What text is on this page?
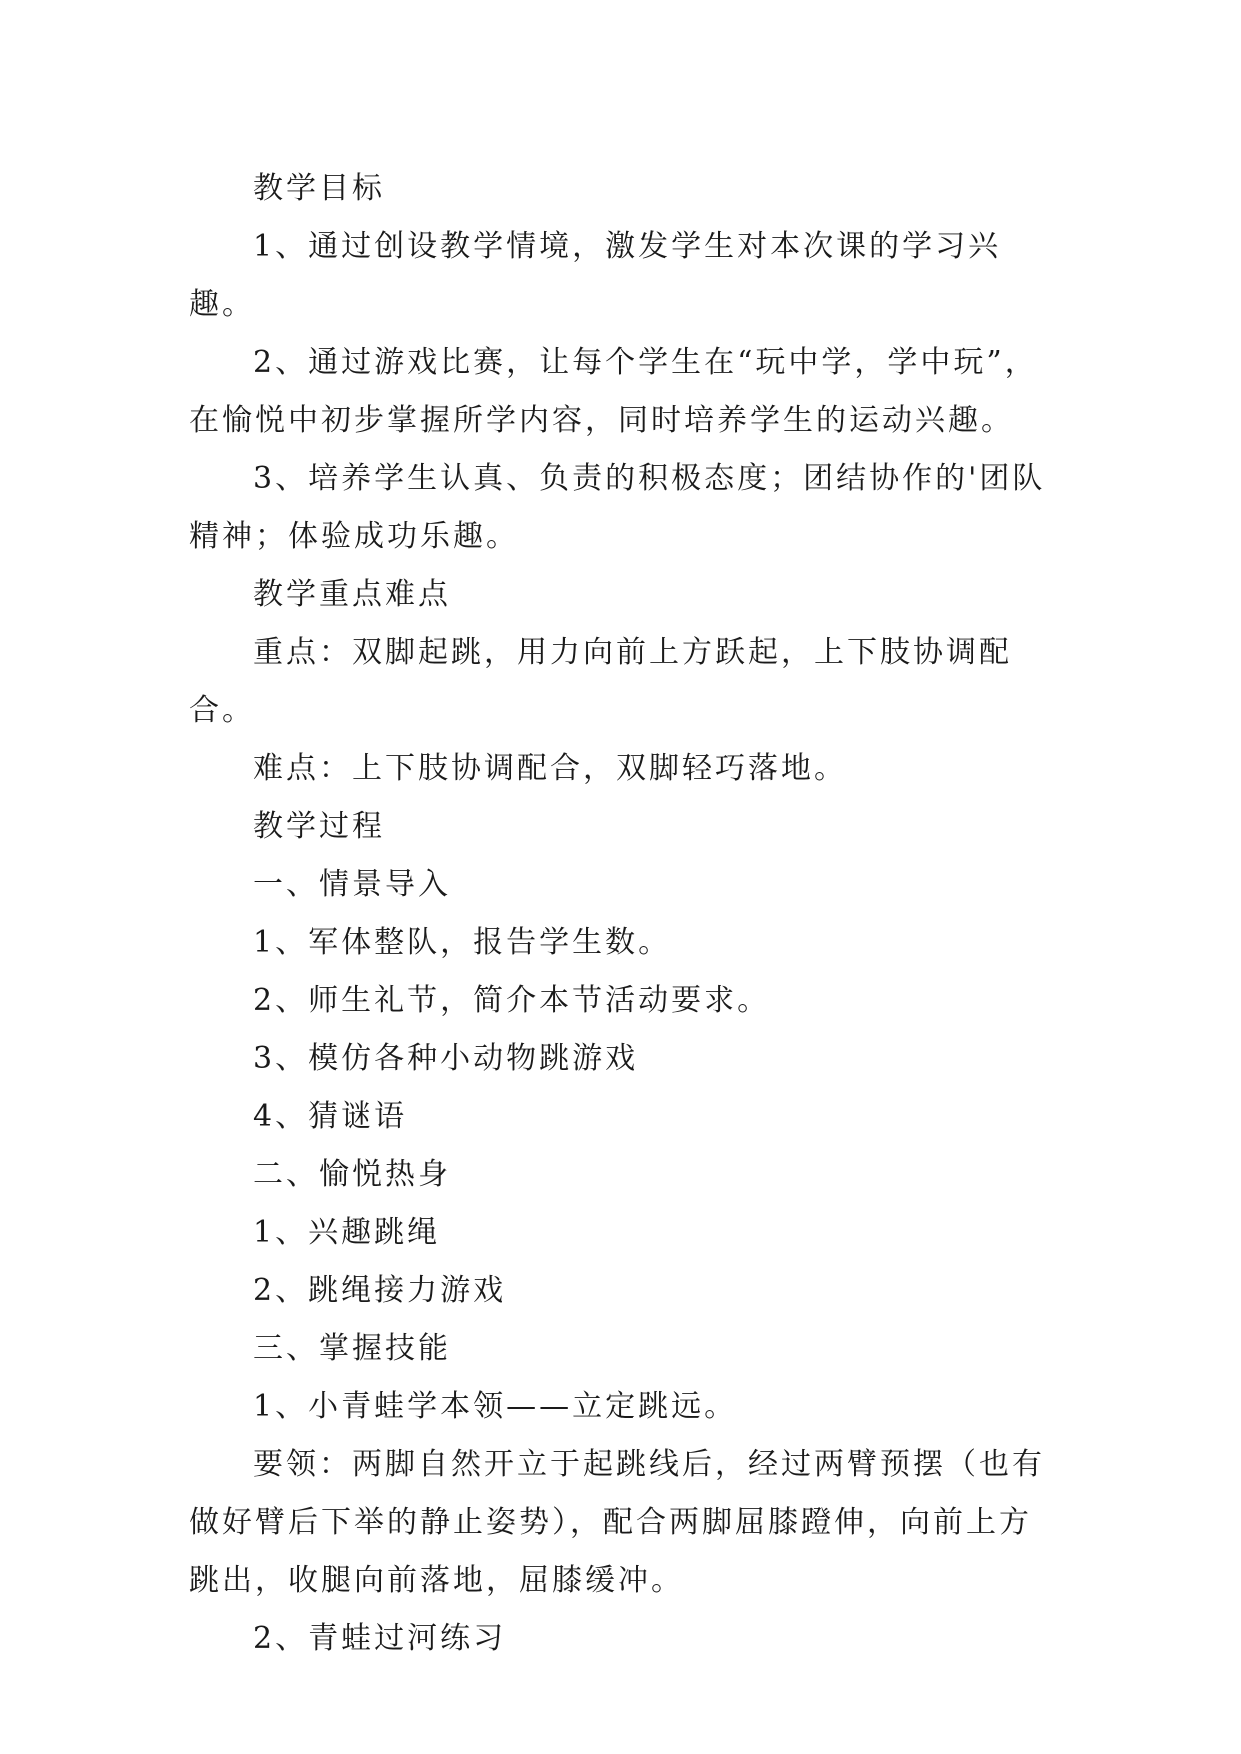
教学目标

1、通过创设教学情境，激发学生对本次课的学习兴趣。

2、通过游戏比赛，让每个学生在“玩中学，学中玩”，在愉悦中初步掌握所学内容，同时培养学生的运动兴趣。

3、培养学生认真、负责的积极态度；团结协作的'团队精神；体验成功乐趣。

教学重点难点

重点：双脚起跳，用力向前上方跃起，上下肢协调配合。

难点：上下肢协调配合，双脚轻巧落地。

教学过程

一、情景导入

1、军体整队，报告学生数。

2、师生礼节，简介本节活动要求。

3、模仿各种小动物跳游戏

4、猜谜语

二、愉悦热身

1、兴趣跳绳

2、跳绳接力游戏

三、掌握技能

1、小青蛙学本领——立定跳远。

要领：两脚自然开立于起跳线后，经过两臂预摆（也有做好臂后下举的静止姿势），配合两脚屈膝蹬伸，向前上方跳出，收腿向前落地，屈膝缓冲。

2、青蛙过河练习
